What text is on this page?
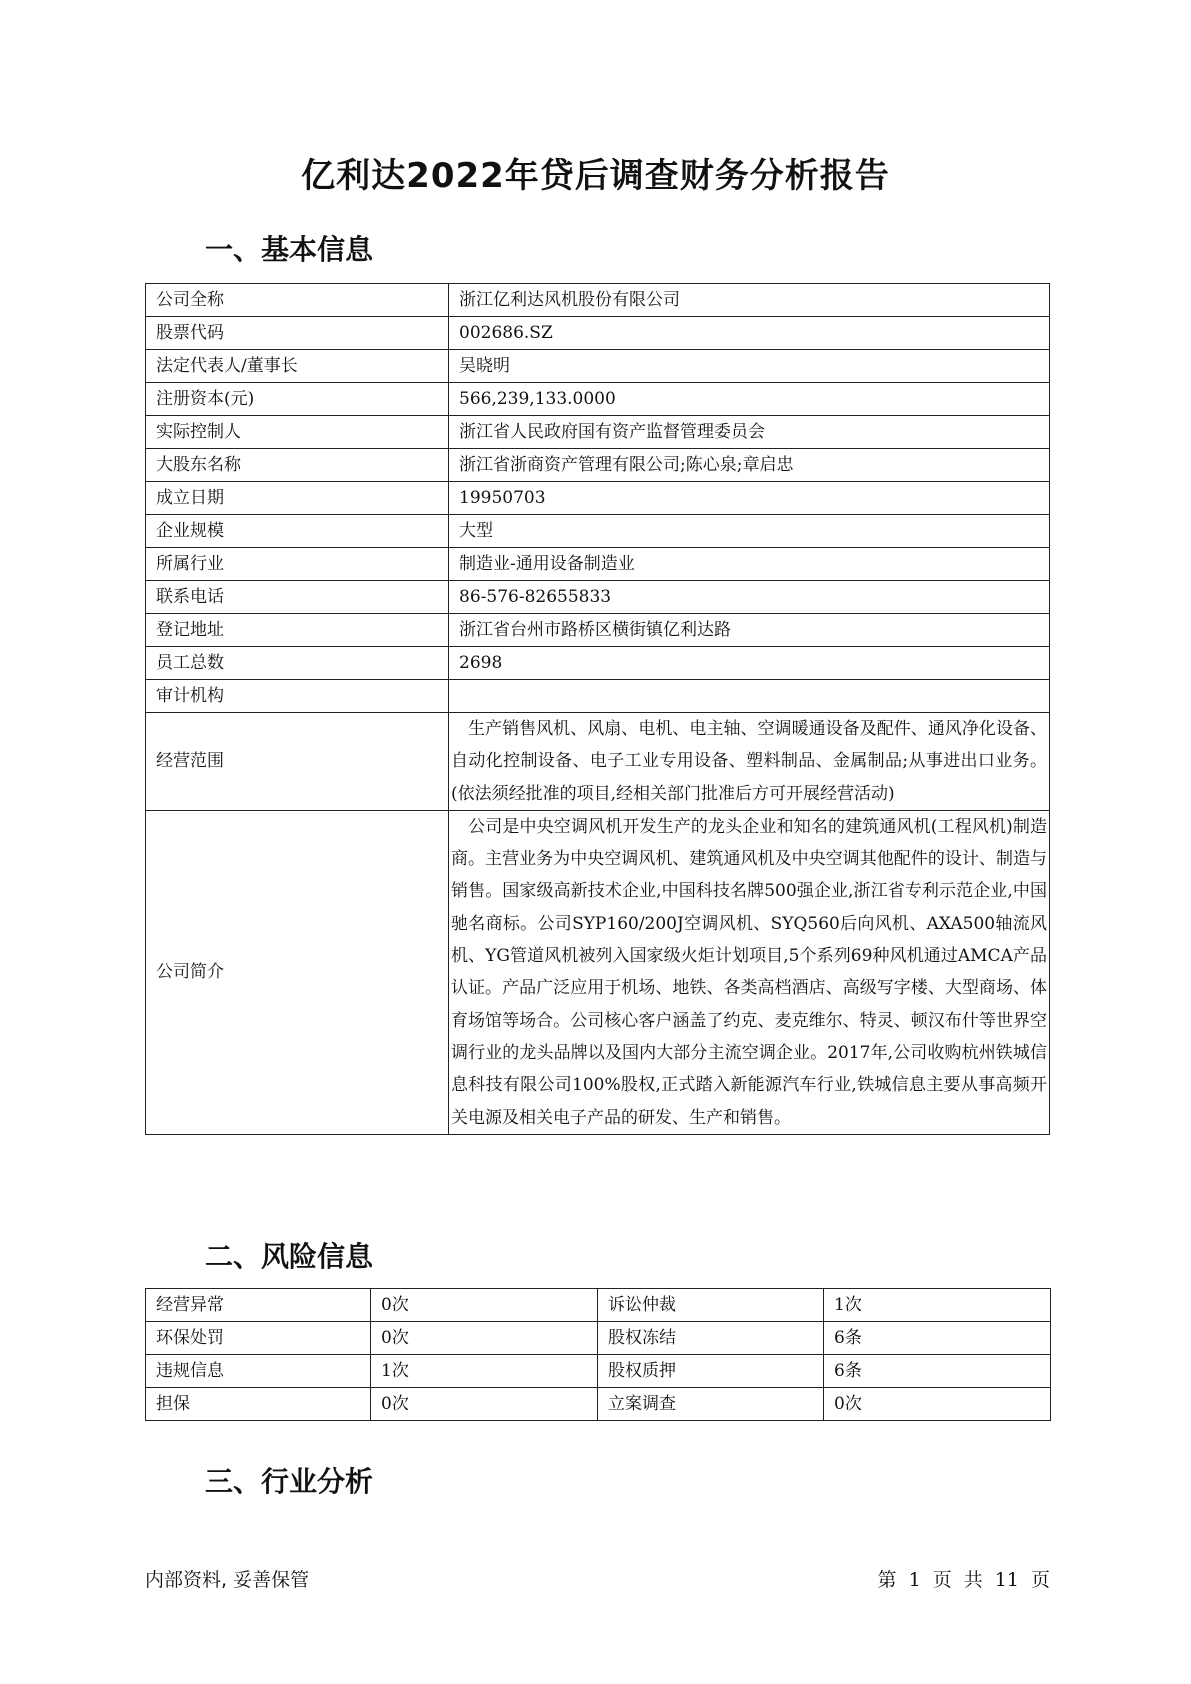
亿利达2022年贷后调查财务分析报告
一、基本信息
公司全称	浙江亿利达风机股份有限公司
股票代码	002686.SZ
法定代表人/董事长	吴晓明
注册资本(元)	566,239,133.0000
实际控制人	浙江省人民政府国有资产监督管理委员会
大股东名称	浙江省浙商资产管理有限公司;陈心泉;章启忠
成立日期	19950703
企业规模	大型
所属行业	制造业-通用设备制造业
联系电话	86-576-82655833
登记地址	浙江省台州市路桥区横街镇亿利达路
员工总数	2698
审计机构	
经营范围	　生产销售风机、风扇、电机、电主轴、空调暖通设备及配件、通风净化设备、自动化控制设备、电子工业专用设备、塑料制品、金属制品;从事进出口业务。(依法须经批准的项目,经相关部门批准后方可开展经营活动)
公司简介	　公司是中央空调风机开发生产的龙头企业和知名的建筑通风机(工程风机)制造商。主营业务为中央空调风机、建筑通风机及中央空调其他配件的设计、制造与销售。国家级高新技术企业,中国科技名牌500强企业,浙江省专利示范企业,中国驰名商标。公司SYP160/200J空调风机、SYQ560后向风机、AXA500轴流风机、YG管道风机被列入国家级火炬计划项目,5个系列69种风机通过AMCA产品认证。产品广泛应用于机场、地铁、各类高档酒店、高级写字楼、大型商场、体育场馆等场合。公司核心客户涵盖了约克、麦克维尔、特灵、顿汉布什等世界空调行业的龙头品牌以及国内大部分主流空调企业。2017年,公司收购杭州铁城信息科技有限公司100%股权,正式踏入新能源汽车行业,铁城信息主要从事高频开关电源及相关电子产品的研发、生产和销售。
二、风险信息
经营异常	0次	诉讼仲裁	1次
环保处罚	0次	股权冻结	6条
违规信息	1次	股权质押	6条
担保	0次	立案调查	0次
三、行业分析
内部资料, 妥善保管	第 1 页 共 11 页
